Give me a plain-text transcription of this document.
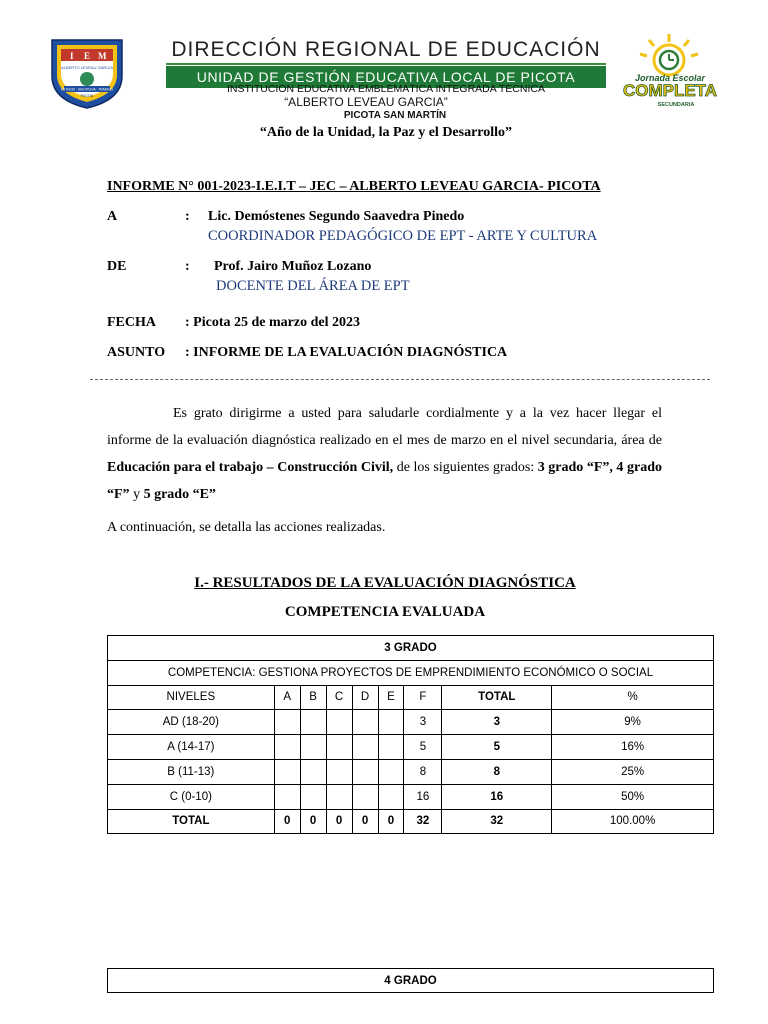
I E M
ALBERTO LEVEAU GARCIA
ESTUDIO - DISCIPLINA - TRABAJO
PICOTA
DIRECCIÓN REGIONAL DE EDUCACIÓN
UNIDAD DE GESTIÓN EDUCATIVA LOCAL DE PICOTA
INSTITUCIÓN EDUCATIVA EMBLEMÁTICA INTEGRADA TÉCNICA
“ALBERTO LEVEAU GARCIA”
PICOTA SAN MARTÍN
“Año de la Unidad, la Paz y el Desarrollo”
Jornada Escolar
COMPLETA
SECUNDARIA
INFORME N° 001-2023-I.E.I.T – JEC – ALBERTO LEVEAU GARCIA- PICOTA
A	: Lic. Demóstenes Segundo Saavedra Pinedo
COORDINADOR PEDAGÓGICO DE EPT - ARTE Y CULTURA
DE	: Prof. Jairo Muñoz Lozano
DOCENTE DEL ÁREA DE EPT
FECHA : Picota 25 de marzo del 2023
ASUNTO : INFORME DE LA EVALUACIÓN DIAGNÓSTICA

Es grato dirigirme a usted para saludarle cordialmente y a la vez hacer llegar el informe de la evaluación diagnóstica realizado en el mes de marzo en el nivel secundaria, área de Educación para el trabajo – Construcción Civil, de los siguientes grados: 3 grado “F”, 4 grado “F” y 5 grado “E”

A continuación, se detalla las acciones realizadas.
I.- RESULTADOS DE LA EVALUACIÓN DIAGNÓSTICA
COMPETENCIA EVALUADA
3 GRADO								
COMPETENCIA: GESTIONA PROYECTOS DE EMPRENDIMIENTO ECONÓMICO O SOCIAL								
NIVELES	A	B	C	D	E	F	TOTAL	%
AD (18-20)						3	3	9%
A (14-17)						5	5	16%
B (11-13)						8	8	25%
C (0-10)						16	16	50%
TOTAL	0	0	0	0	0	32	32	100.00%
4 GRADO
